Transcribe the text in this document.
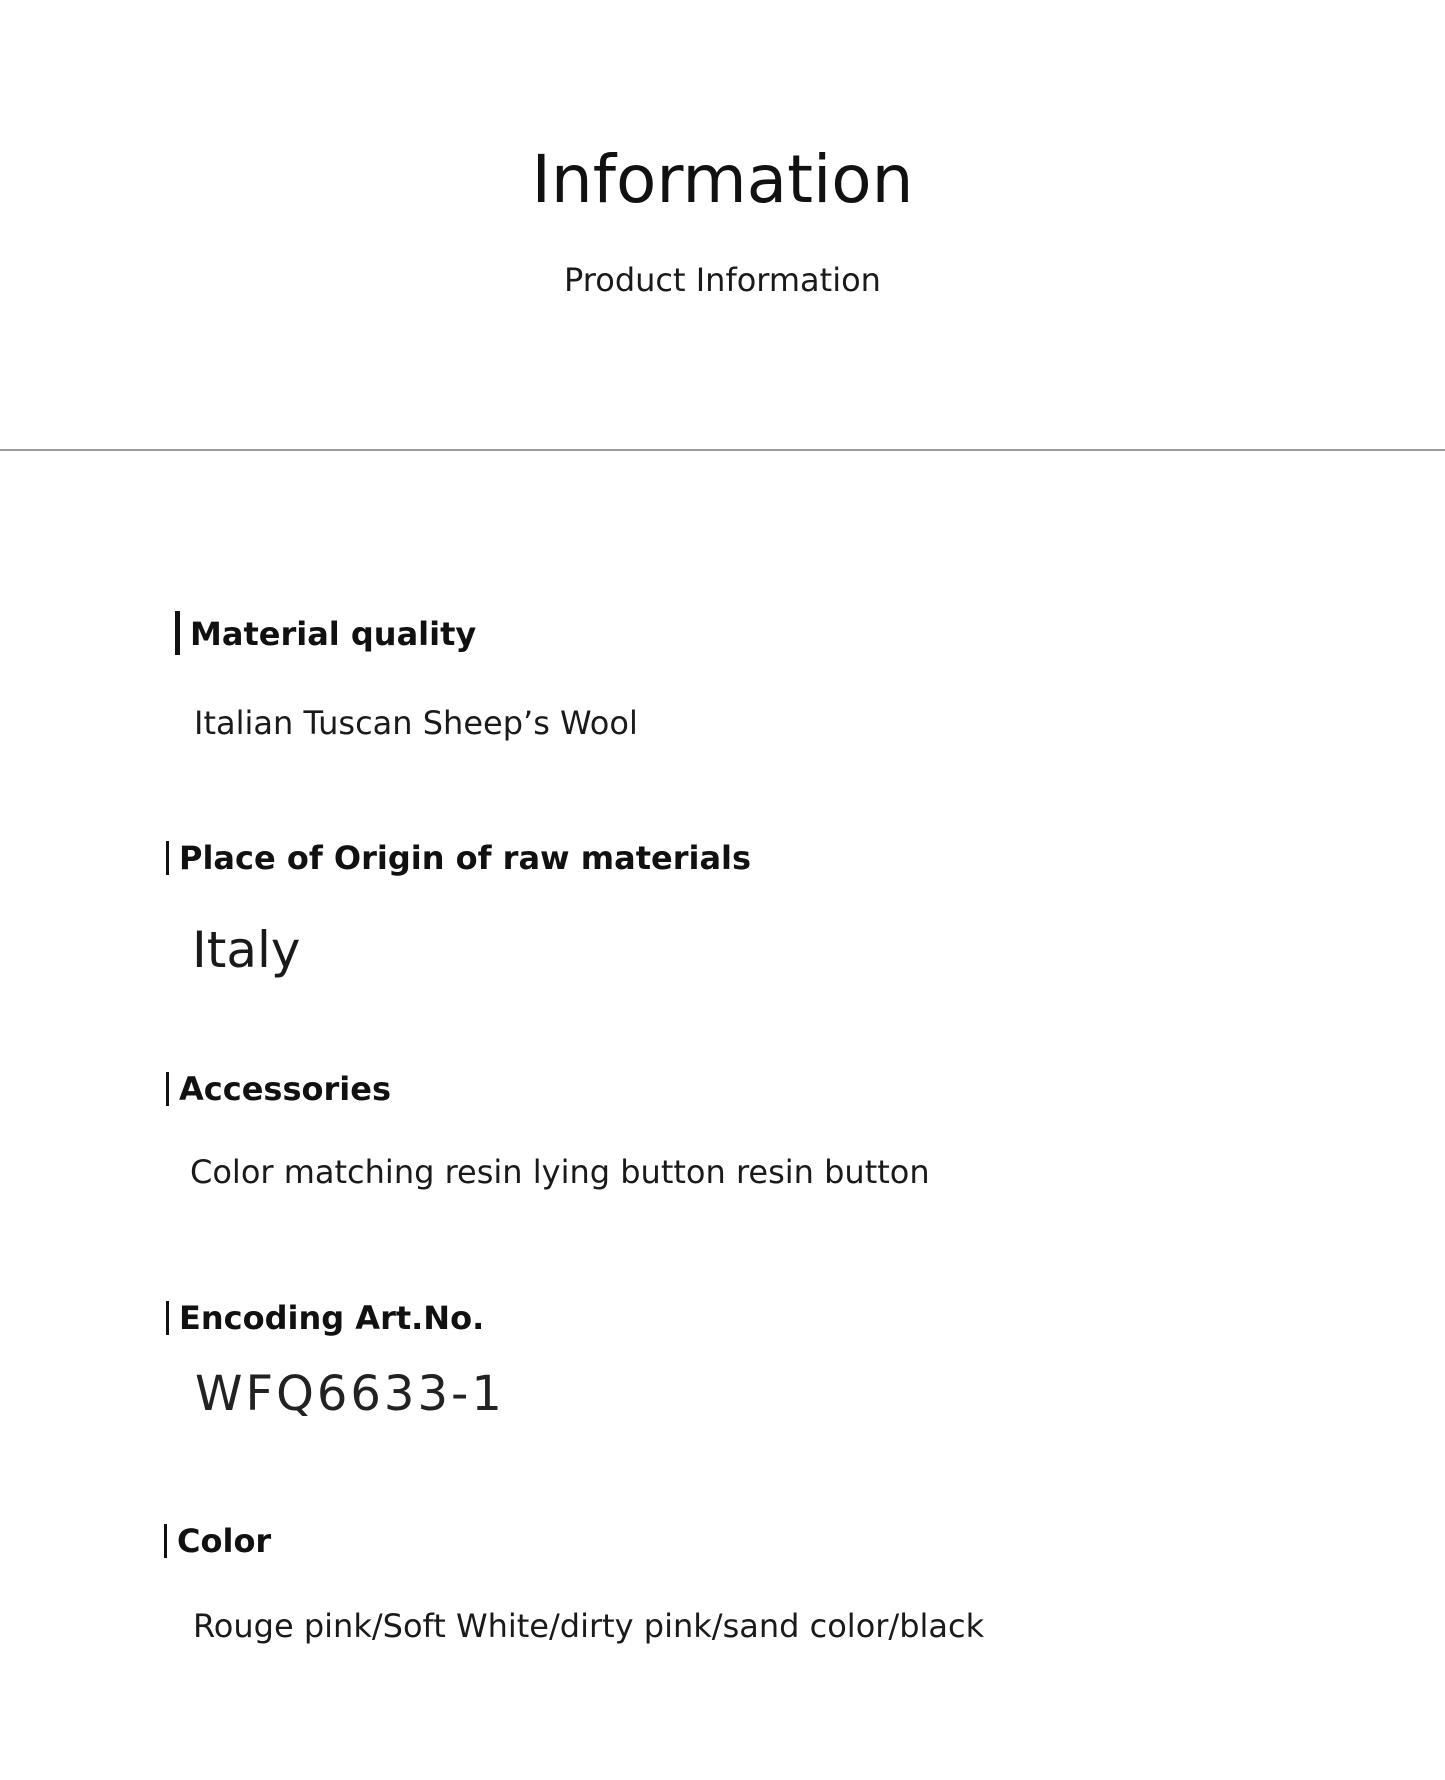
Information
Product Information
Material quality
Italian Tuscan Sheep’s Wool
Place of Origin of raw materials
Italy
Accessories
Color matching resin lying button resin button
Encoding Art.No.
WFQ6633-1
Color
Rouge pink/Soft White/dirty pink/sand color/black
